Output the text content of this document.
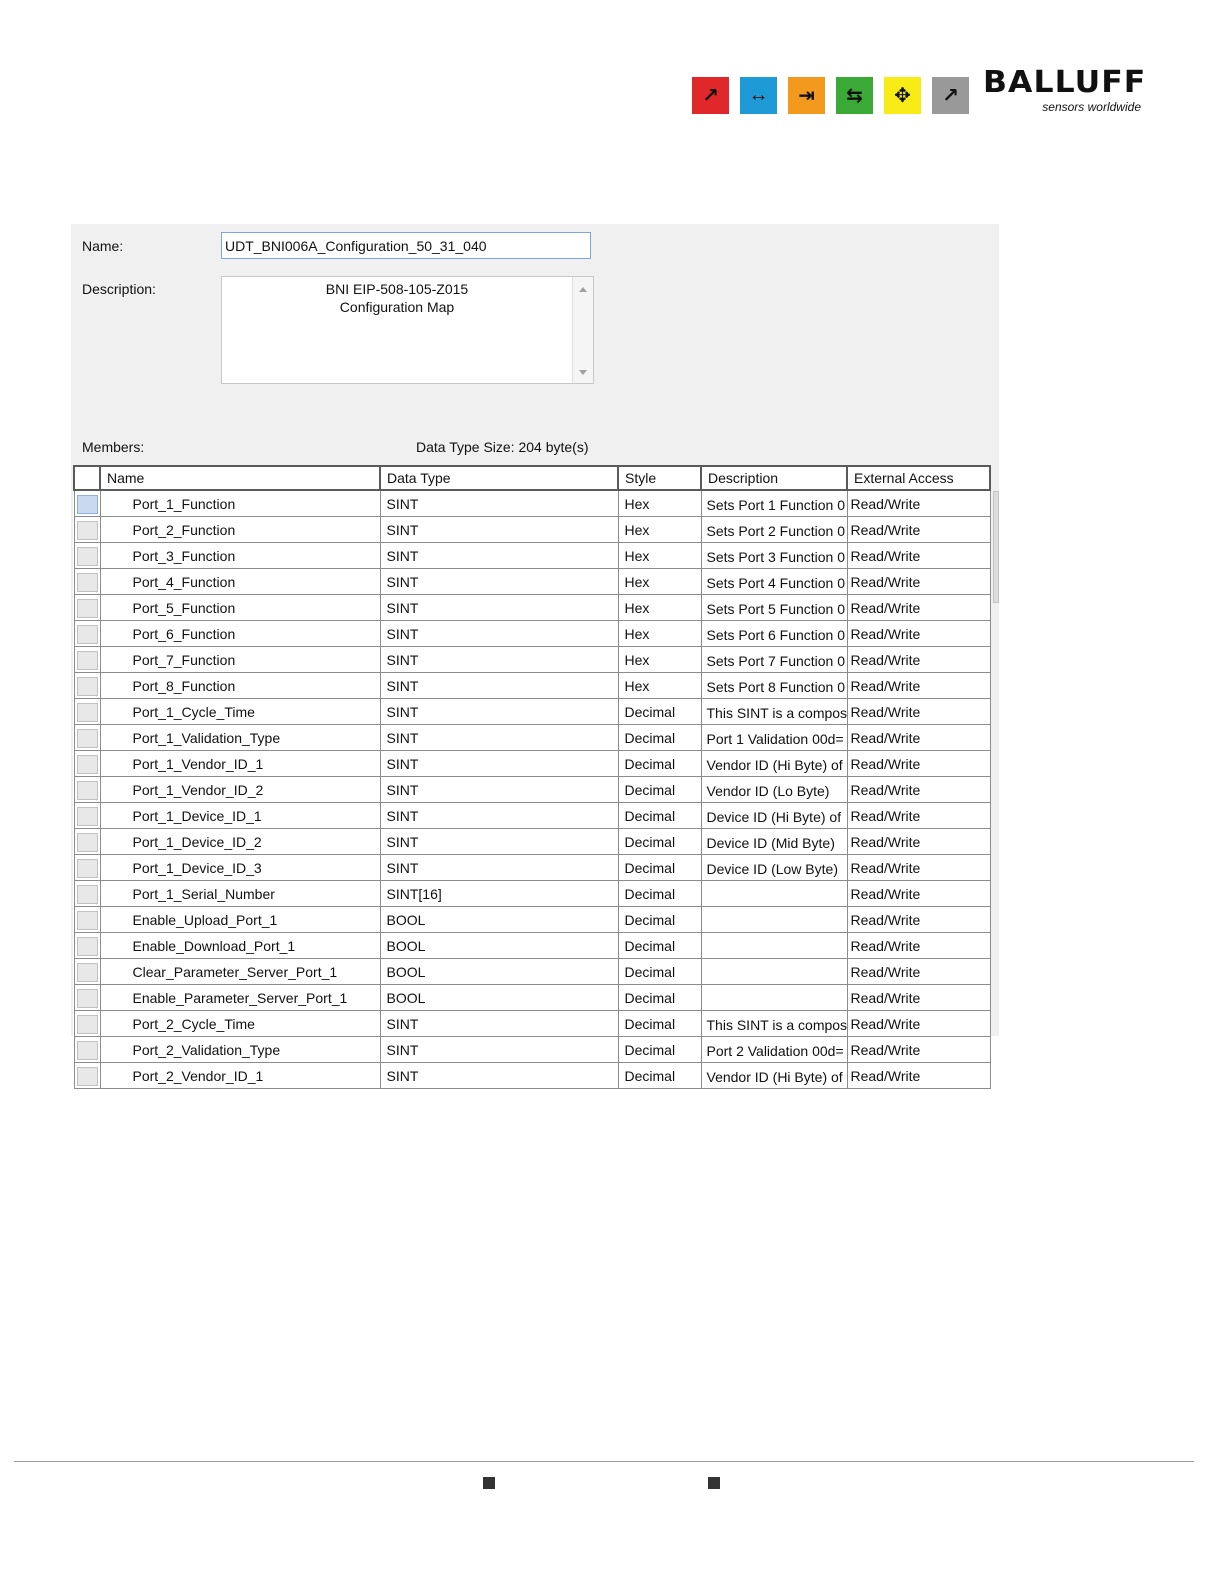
↗	↔	⇥	⇆	✥	↗ BALLUFF
sensors worldwide
Name:	UDT_BNI006A_Configuration_50_31_040
Description:	BNI EIP-508-105-Z015
Configuration Map
Members:	Data Type Size: 204 byte(s)
	Name	Data Type	Style	Description	External Access

	Port_1_Function	SINT	Hex	Sets Port 1 Function 0	Read/Write

	Port_2_Function	SINT	Hex	Sets Port 2 Function 0	Read/Write

	Port_3_Function	SINT	Hex	Sets Port 3 Function 0	Read/Write

	Port_4_Function	SINT	Hex	Sets Port 4 Function 0	Read/Write

	Port_5_Function	SINT	Hex	Sets Port 5 Function 0	Read/Write

	Port_6_Function	SINT	Hex	Sets Port 6 Function 0	Read/Write

	Port_7_Function	SINT	Hex	Sets Port 7 Function 0	Read/Write

	Port_8_Function	SINT	Hex	Sets Port 8 Function 0	Read/Write

	Port_1_Cycle_Time	SINT	Decimal	This SINT is a compos	Read/Write

	Port_1_Validation_Type	SINT	Decimal	Port 1 Validation 00d=	Read/Write

	Port_1_Vendor_ID_1	SINT	Decimal	Vendor ID (Hi Byte) of	Read/Write

	Port_1_Vendor_ID_2	SINT	Decimal	Vendor ID (Lo Byte)	Read/Write

	Port_1_Device_ID_1	SINT	Decimal	Device ID (Hi Byte) of	Read/Write

	Port_1_Device_ID_2	SINT	Decimal	Device ID (Mid Byte)	Read/Write

	Port_1_Device_ID_3	SINT	Decimal	Device ID (Low Byte)	Read/Write

	Port_1_Serial_Number	SINT[16]	Decimal		Read/Write

	Enable_Upload_Port_1	BOOL	Decimal		Read/Write

	Enable_Download_Port_1	BOOL	Decimal		Read/Write

	Clear_Parameter_Server_Port_1	BOOL	Decimal		Read/Write

	Enable_Parameter_Server_Port_1	BOOL	Decimal		Read/Write

	Port_2_Cycle_Time	SINT	Decimal	This SINT is a compos	Read/Write

	Port_2_Validation_Type	SINT	Decimal	Port 2 Validation 00d=	Read/Write

	Port_2_Vendor_ID_1	SINT	Decimal	Vendor ID (Hi Byte) of	Read/Write
